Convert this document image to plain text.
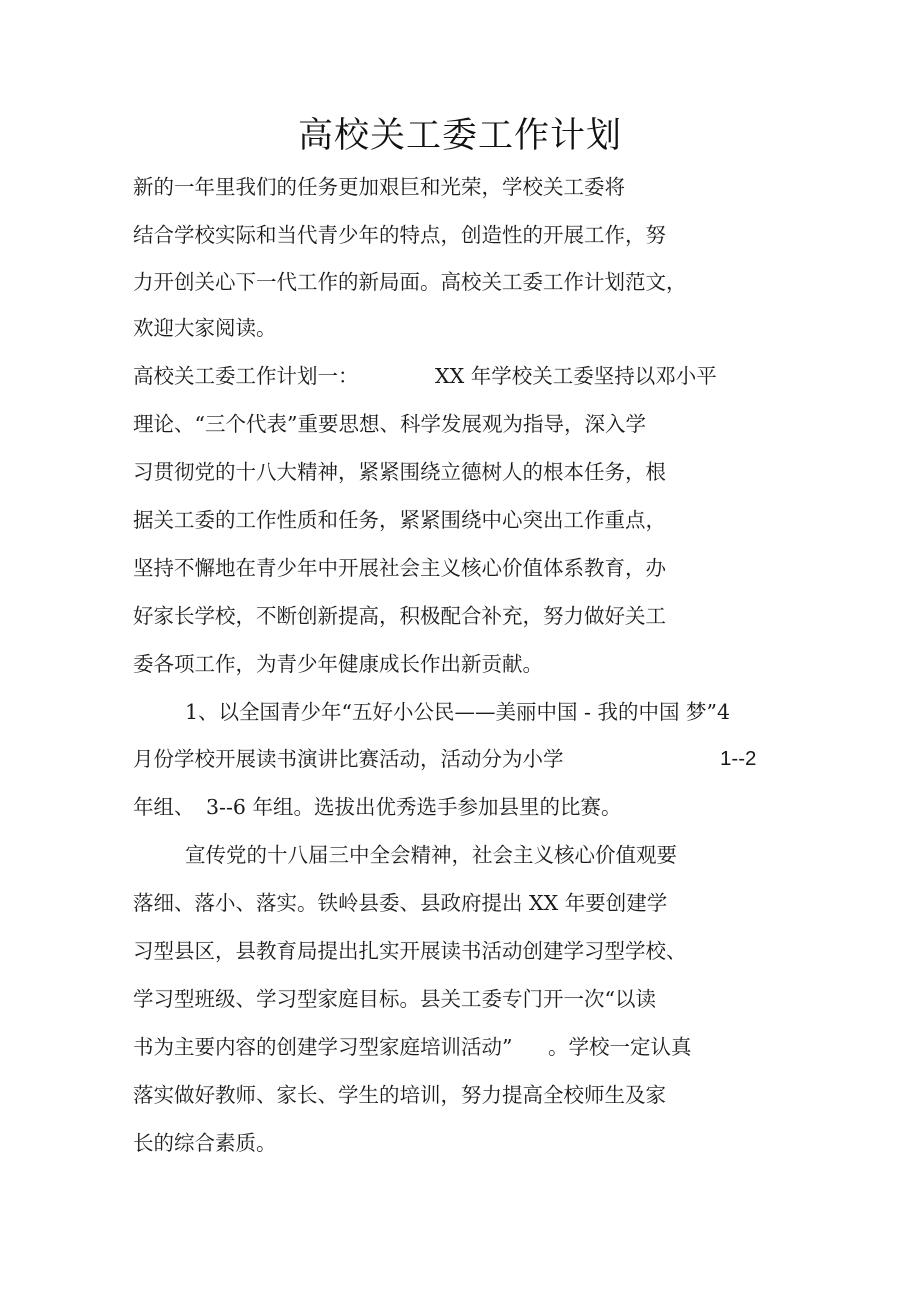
高校关工委工作计划
新的一年里我们的任务更加艰巨和光荣，学校关工委将
结合学校实际和当代青少年的特点，创造性的开展工作，努
力开创关心下一代工作的新局面。高校关工委工作计划范文，
欢迎大家阅读。
高校关工委工作计划一：	XX 年学校关工委坚持以邓小平
理论、“三个代表”重要思想、科学发展观为指导，深入学
习贯彻党的十八大精神，紧紧围绕立德树人的根本任务，根
据关工委的工作性质和任务，紧紧围绕中心突出工作重点，
坚持不懈地在青少年中开展社会主义核心价值体系教育，办
好家长学校，不断创新提高，积极配合补充，努力做好关工
委各项工作，为青少年健康成长作出新贡献。
1、以全国青少年“五好小公民——美丽中国 - 我的中国 梦”4
月份学校开展读书演讲比赛活动，活动分为小学	1--2
年组、 3--6 年组。选拔出优秀选手参加县里的比赛。
宣传党的十八届三中全会精神，社会主义核心价值观要
落细、落小、落实。铁岭县委、县政府提出 XX 年要创建学
习型县区，县教育局提出扎实开展读书活动创建学习型学校、
学习型班级、学习型家庭目标。县关工委专门开一次“以读
书为主要内容的创建学习型家庭培训活动” 。学校一定认真
落实做好教师、家长、学生的培训，努力提高全校师生及家
长的综合素质。
